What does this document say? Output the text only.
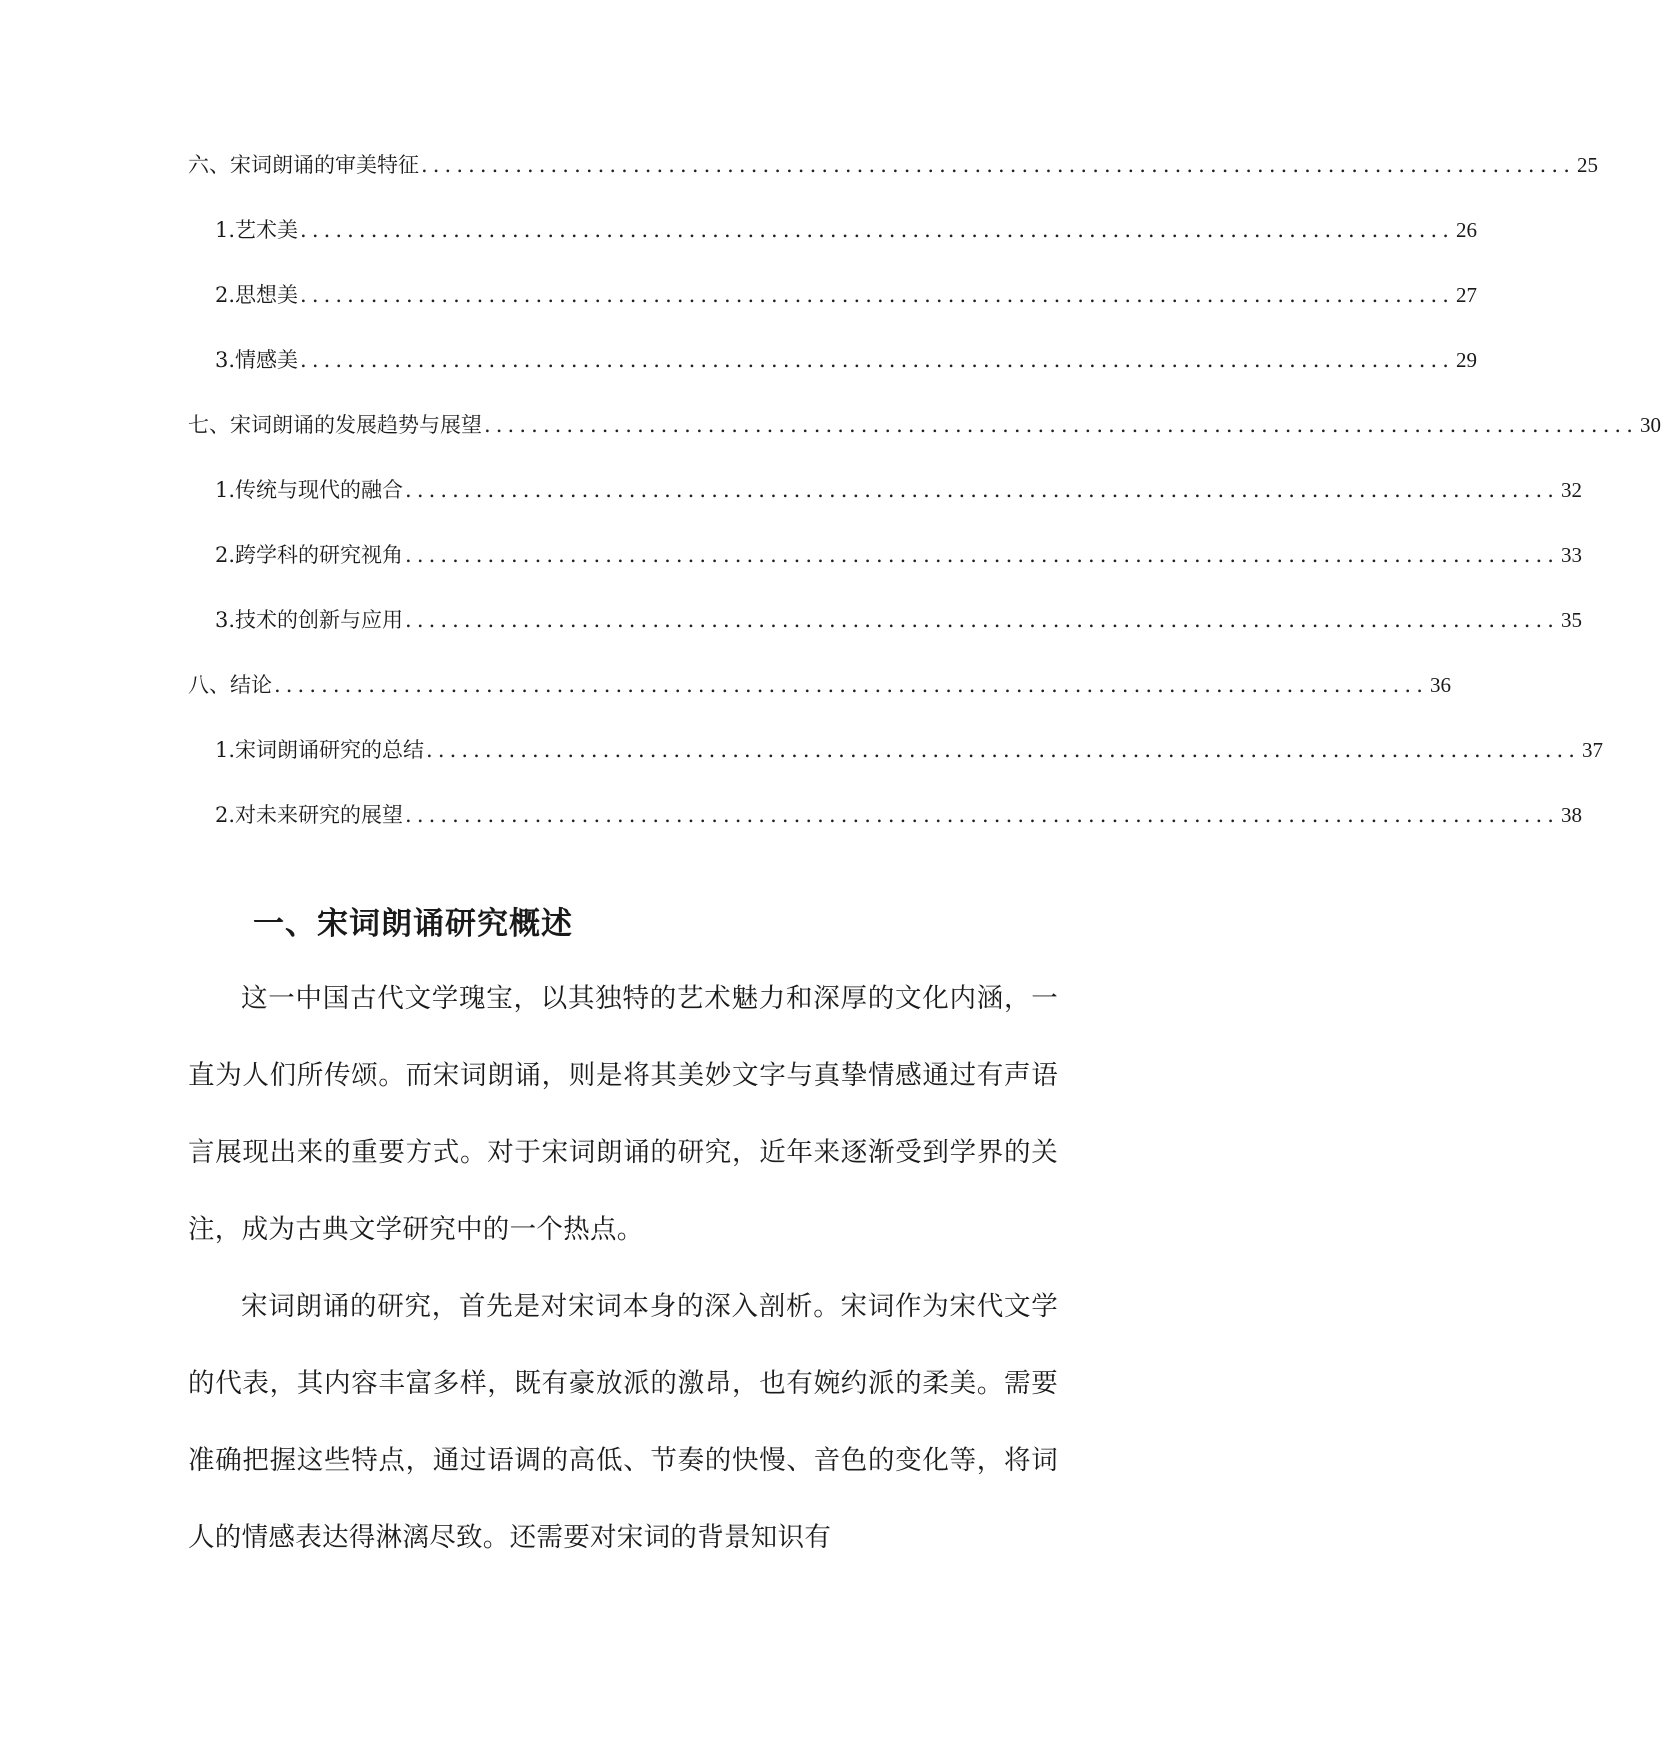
六、宋词朗诵的审美特征 .................................................................................................. 25
1. 艺术美 .................................................................................................. 26
2. 思想美 .................................................................................................. 27
3. 情感美 .................................................................................................. 29
七、宋词朗诵的发展趋势与展望 .................................................................................................. 30
1. 传统与现代的融合 .................................................................................................. 32
2. 跨学科的研究视角 .................................................................................................. 33
3. 技术的创新与应用 .................................................................................................. 35
八、结论 .................................................................................................. 36
1. 宋词朗诵研究的总结 .................................................................................................. 37
2. 对未来研究的展望 .................................................................................................. 38
一、宋词朗诵研究概述

这一中国古代文学瑰宝，以其独特的艺术魅力和深厚的文化内涵，一直为人们所传颂。而宋词朗诵，则是将其美妙文字与真挚情感通过有声语言展现出来的重要方式。对于宋词朗诵的研究，近年来逐渐受到学界的关注，成为古典文学研究中的一个热点。

宋词朗诵的研究，首先是对宋词本身的深入剖析。宋词作为宋代文学的代表，其内容丰富多样，既有豪放派的激昂，也有婉约派的柔美。需要准确把握这些特点，通过语调的高低、节奏的快慢、音色的变化等，将词人的情感表达得淋漓尽致。还需要对宋词的背景知识有
